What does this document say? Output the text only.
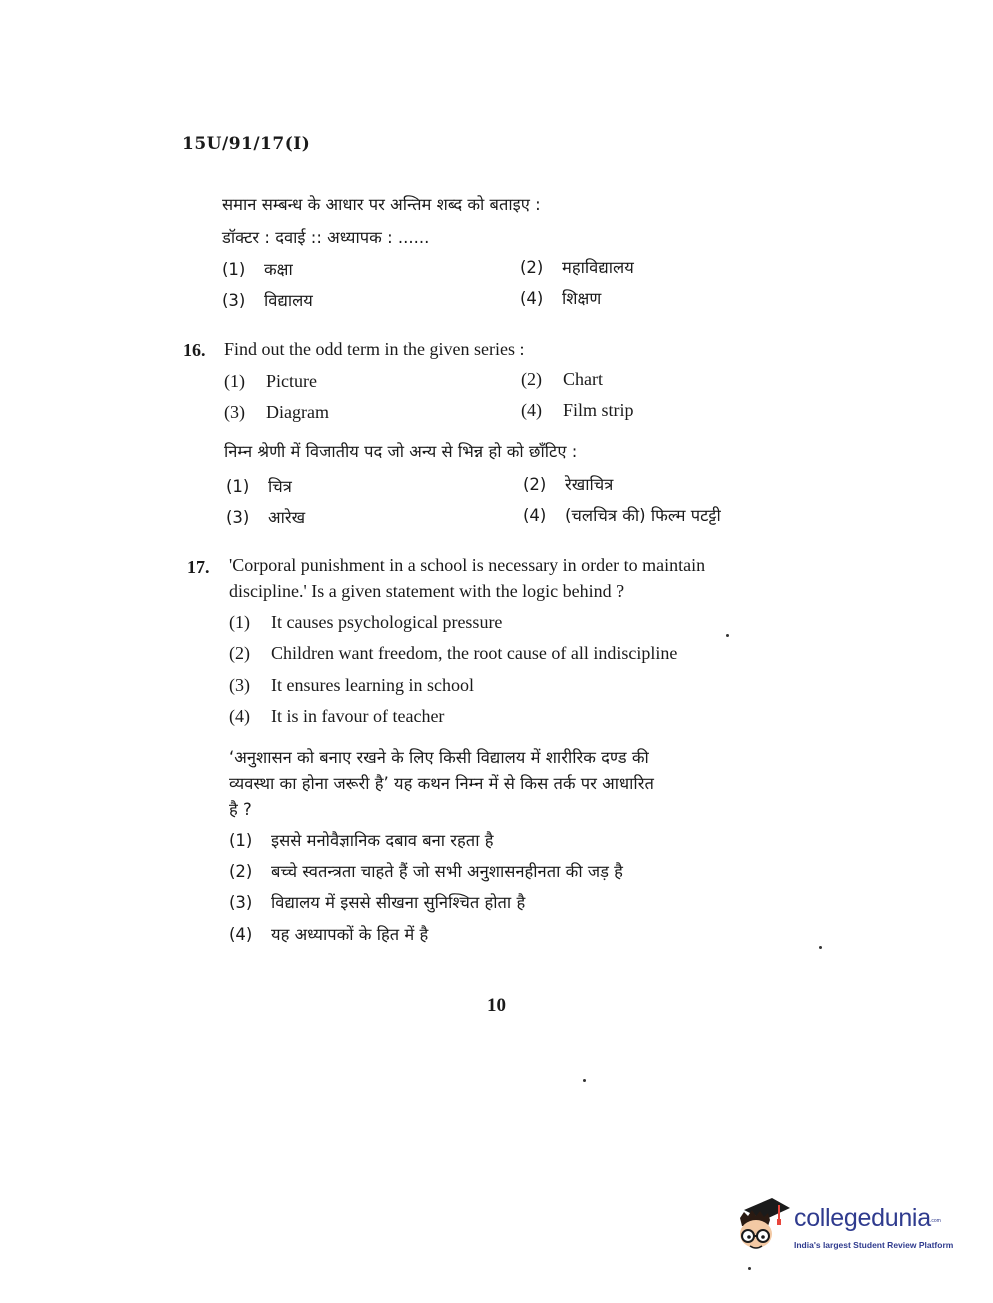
15U/91/17(I)
समान सम्बन्ध के आधार पर अन्तिम शब्द को बताइए :
डॉक्टर : दवाई :: अध्यापक : ......
(1) कक्षा	(2) महाविद्यालय
(3) विद्यालय	(4) शिक्षण
16. Find out the odd term in the given series :
(1) Picture	(2) Chart
(3) Diagram	(4) Film strip
निम्न श्रेणी में विजातीय पद जो अन्य से भिन्न हो को छाँटिए :
(1) चित्र	(2) रेखाचित्र
(3) आरेख	(4) (चलचित्र की) फिल्म पटट्टी
17. 'Corporal punishment in a school is necessary in order to maintain
discipline.' Is a given statement with the logic behind ?
(1) It causes psychological pressure
(2) Children want freedom, the root cause of all indiscipline
(3) It ensures learning in school
(4) It is in favour of teacher
‘अनुशासन को बनाए रखने के लिए किसी विद्यालय में शारीरिक दण्ड की
व्यवस्था का होना जरूरी है’ यह कथन निम्न में से किस तर्क पर आधारित
है ?
(1) इससे मनोवैज्ञानिक दबाव बना रहता है
(2) बच्चे स्वतन्त्रता चाहते हैं जो सभी अनुशासनहीनता की जड़ है
(3) विद्यालय में इससे सीखना सुनिश्चित होता है
(4) यह अध्यापकों के हित में है
10
collegedunia .com
India's largest Student Review Platform
